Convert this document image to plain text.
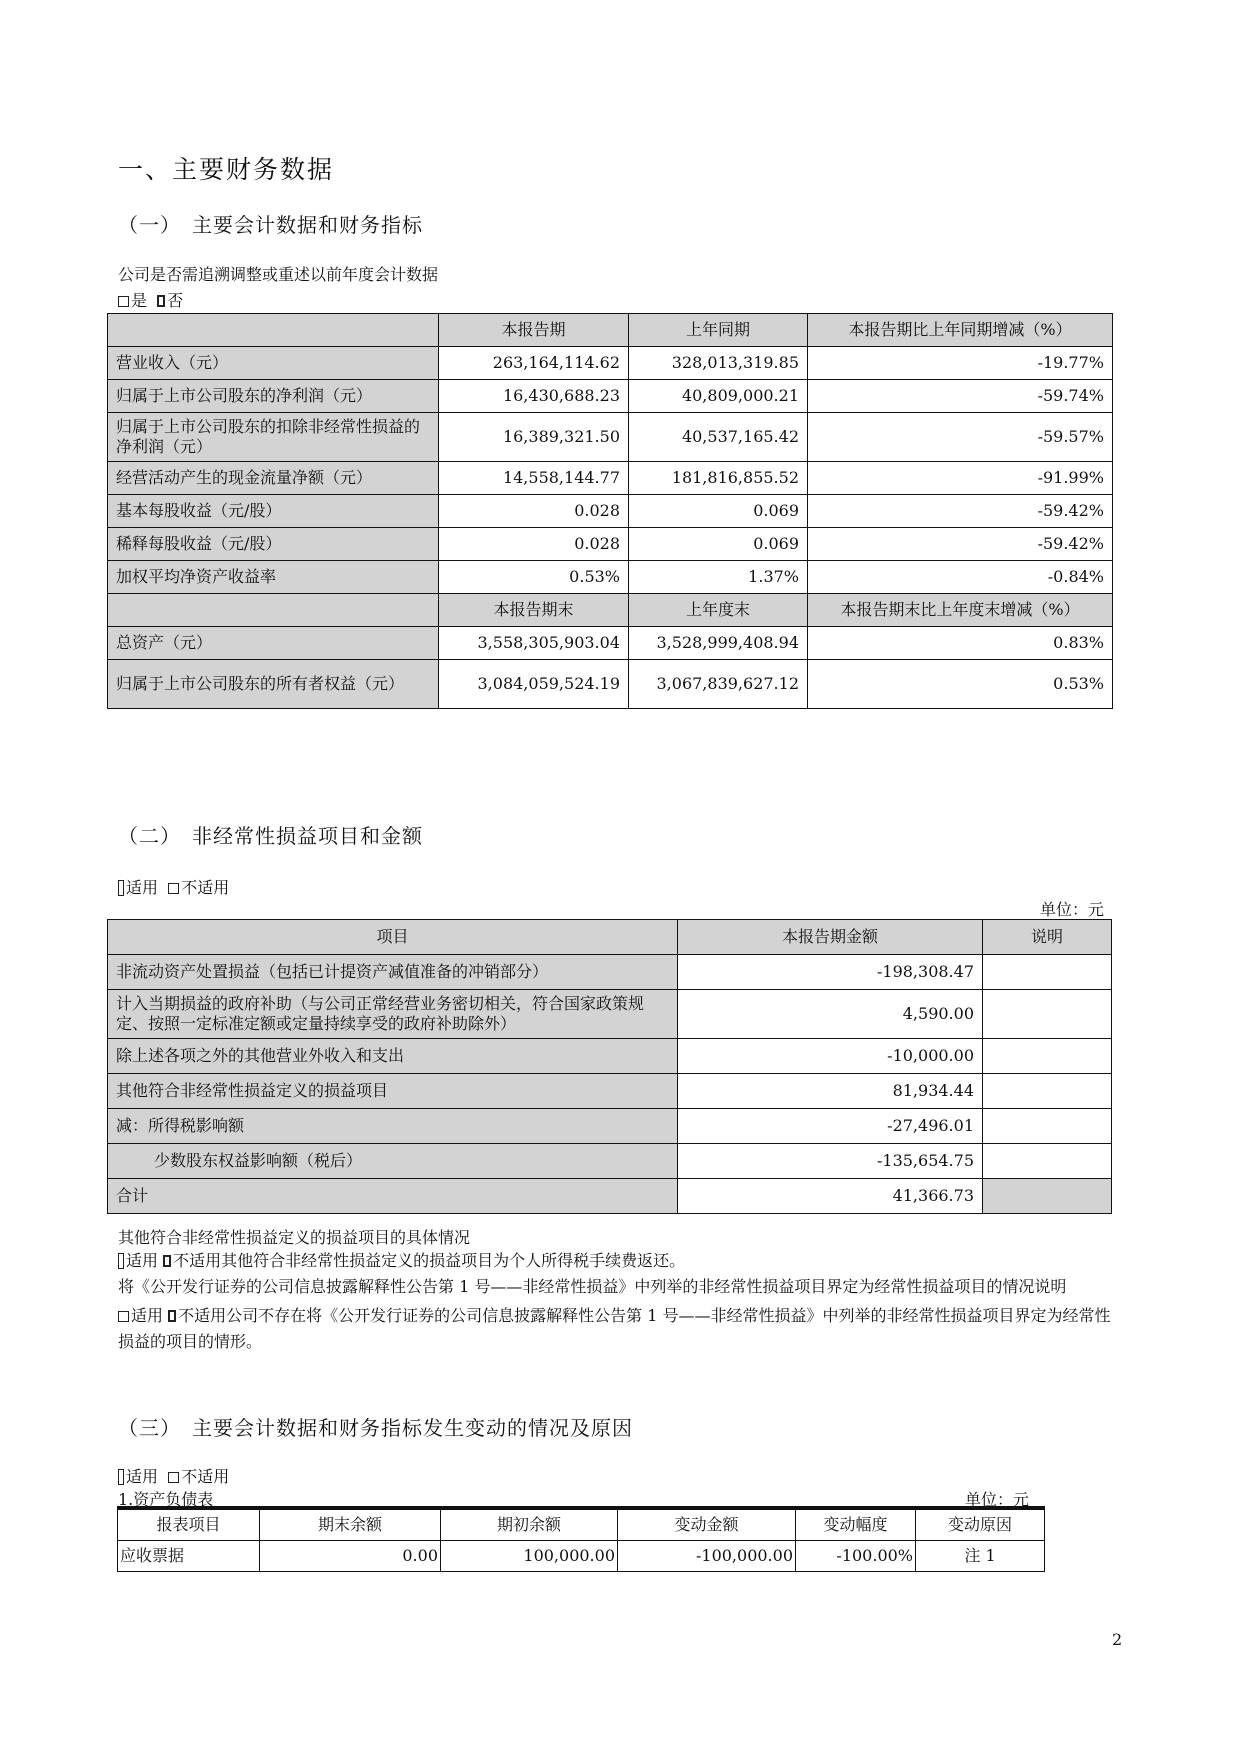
一、主要财务数据
（一）　主要会计数据和财务指标
公司是否需追溯调整或重述以前年度会计数据
是 否
	本报告期	上年同期	本报告期比上年同期增减（%）
营业收入（元）	263,164,114.62	328,013,319.85	-19.77%
归属于上市公司股东的净利润（元）	16,430,688.23	40,809,000.21	-59.74%
归属于上市公司股东的扣除非经常性损益的净利润（元）	16,389,321.50	40,537,165.42	-59.57%
经营活动产生的现金流量净额（元）	14,558,144.77	181,816,855.52	-91.99%
基本每股收益（元/股）	0.028	0.069	-59.42%
稀释每股收益（元/股）	0.028	0.069	-59.42%
加权平均净资产收益率	0.53%	1.37%	-0.84%
	本报告期末	上年度末	本报告期末比上年度末增减（%）
总资产（元）	3,558,305,903.04	3,528,999,408.94	0.83%
归属于上市公司股东的所有者权益（元）	3,084,059,524.19	3,067,839,627.12	0.53%
（二）　非经常性损益项目和金额
适用 不适用
单位：元
项目	本报告期金额	说明
非流动资产处置损益（包括已计提资产减值准备的冲销部分）	-198,308.47	
计入当期损益的政府补助（与公司正常经营业务密切相关，符合国家政策规定、按照一定标准定额或定量持续享受的政府补助除外）	4,590.00	
除上述各项之外的其他营业外收入和支出	-10,000.00	
其他符合非经常性损益定义的损益项目	81,934.44	
减：所得税影响额	-27,496.01	
少数股东权益影响额（税后）	-135,654.75	
合计	41,366.73	
其他符合非经常性损益定义的损益项目的具体情况
适用 不适用其他符合非经常性损益定义的损益项目为个人所得税手续费返还。
将《公开发行证券的公司信息披露解释性公告第 1 号——非经常性损益》中列举的非经常性损益项目界定为经常性损益项目的情况说明
适用 不适用公司不存在将《公开发行证券的公司信息披露解释性公告第 1 号——非经常性损益》中列举的非经常性损益项目界定为经常性损益的项目的情形。
（三）　主要会计数据和财务指标发生变动的情况及原因
适用 不适用
1.资产负债表	单位：元
报表项目	期末余额	期初余额	变动金额	变动幅度	变动原因
应收票据	0.00	100,000.00	-100,000.00	-100.00%	注 1
2
